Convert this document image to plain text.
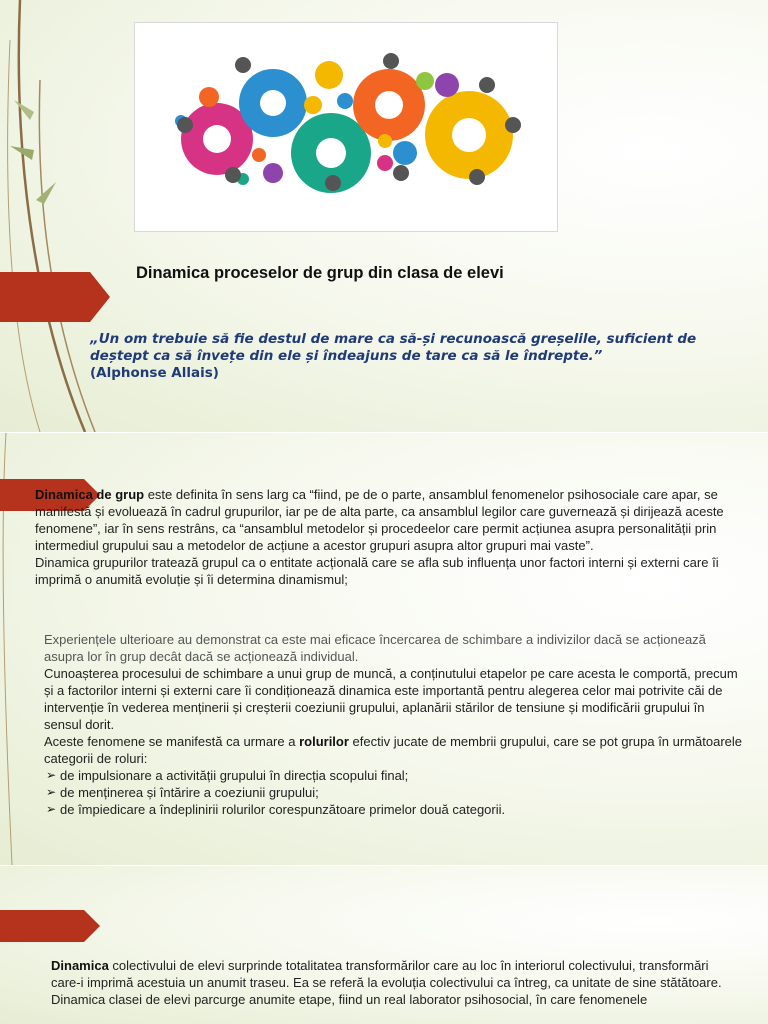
Dinamica proceselor de grup din clasa de elevi
„Un om trebuie să fie destul de mare ca să-și recunoască greșelile, suficient de deștept ca să învețe din ele și îndeajuns de tare ca să le îndrepte.”
(Alphonse Allais)

Dinamica de grup este definita în sens larg ca “fiind, pe de o parte, ansamblul fenomenelor psihosociale care apar, se manifestă și evoluează în cadrul grupurilor, iar pe de alta parte, ca ansamblul legilor care guvernează și dirijează aceste fenomene”, iar în sens restrâns, ca “ansamblul metodelor și procedeelor care permit acțiunea asupra personalității prin intermediul grupului sau a metodelor de acțiune a acestor grupuri asupra altor grupuri mai vaste”.

Dinamica grupurilor tratează grupul ca o entitate acțională care se afla sub influența unor factori interni și externi care îi imprimă o anumită evoluție și îi determina dinamismul;

Experiențele ulterioare au demonstrat ca este mai eficace încercarea de schimbare a indivizilor dacă se acționează asupra lor în grup decât dacă se acționează individual.

Cunoașterea procesului de schimbare a unui grup de muncă, a conținutului etapelor pe care acesta le comportă, precum și a factorilor interni și externi care îi condiționează dinamica este importantă pentru alegerea celor mai potrivite căi de intervenție în vederea menținerii și creșterii coeziunii grupului, aplanării stărilor de tensiune și modificării grupului în sensul dorit.

Aceste fenomene se manifestă ca urmare a rolurilor efectiv jucate de membrii grupului, care se pot grupa în următoarele categorii de roluri:

➢ de impulsionare a activității grupului în direcția scopului final;
➢ de menținerea și întărire a coeziunii grupului;
➢ de împiedicare a îndeplinirii rolurilor corespunzătoare primelor două categorii.

Dinamica colectivului de elevi surprinde totalitatea transformărilor care au loc în interiorul colectivului, transformări care-i imprimă acestuia un anumit traseu. Ea se referă la evoluția colectivului ca întreg, ca unitate de sine stătătoare.

Dinamica clasei de elevi parcurge anumite etape, fiind un real laborator psihosocial, în care fenomenele
